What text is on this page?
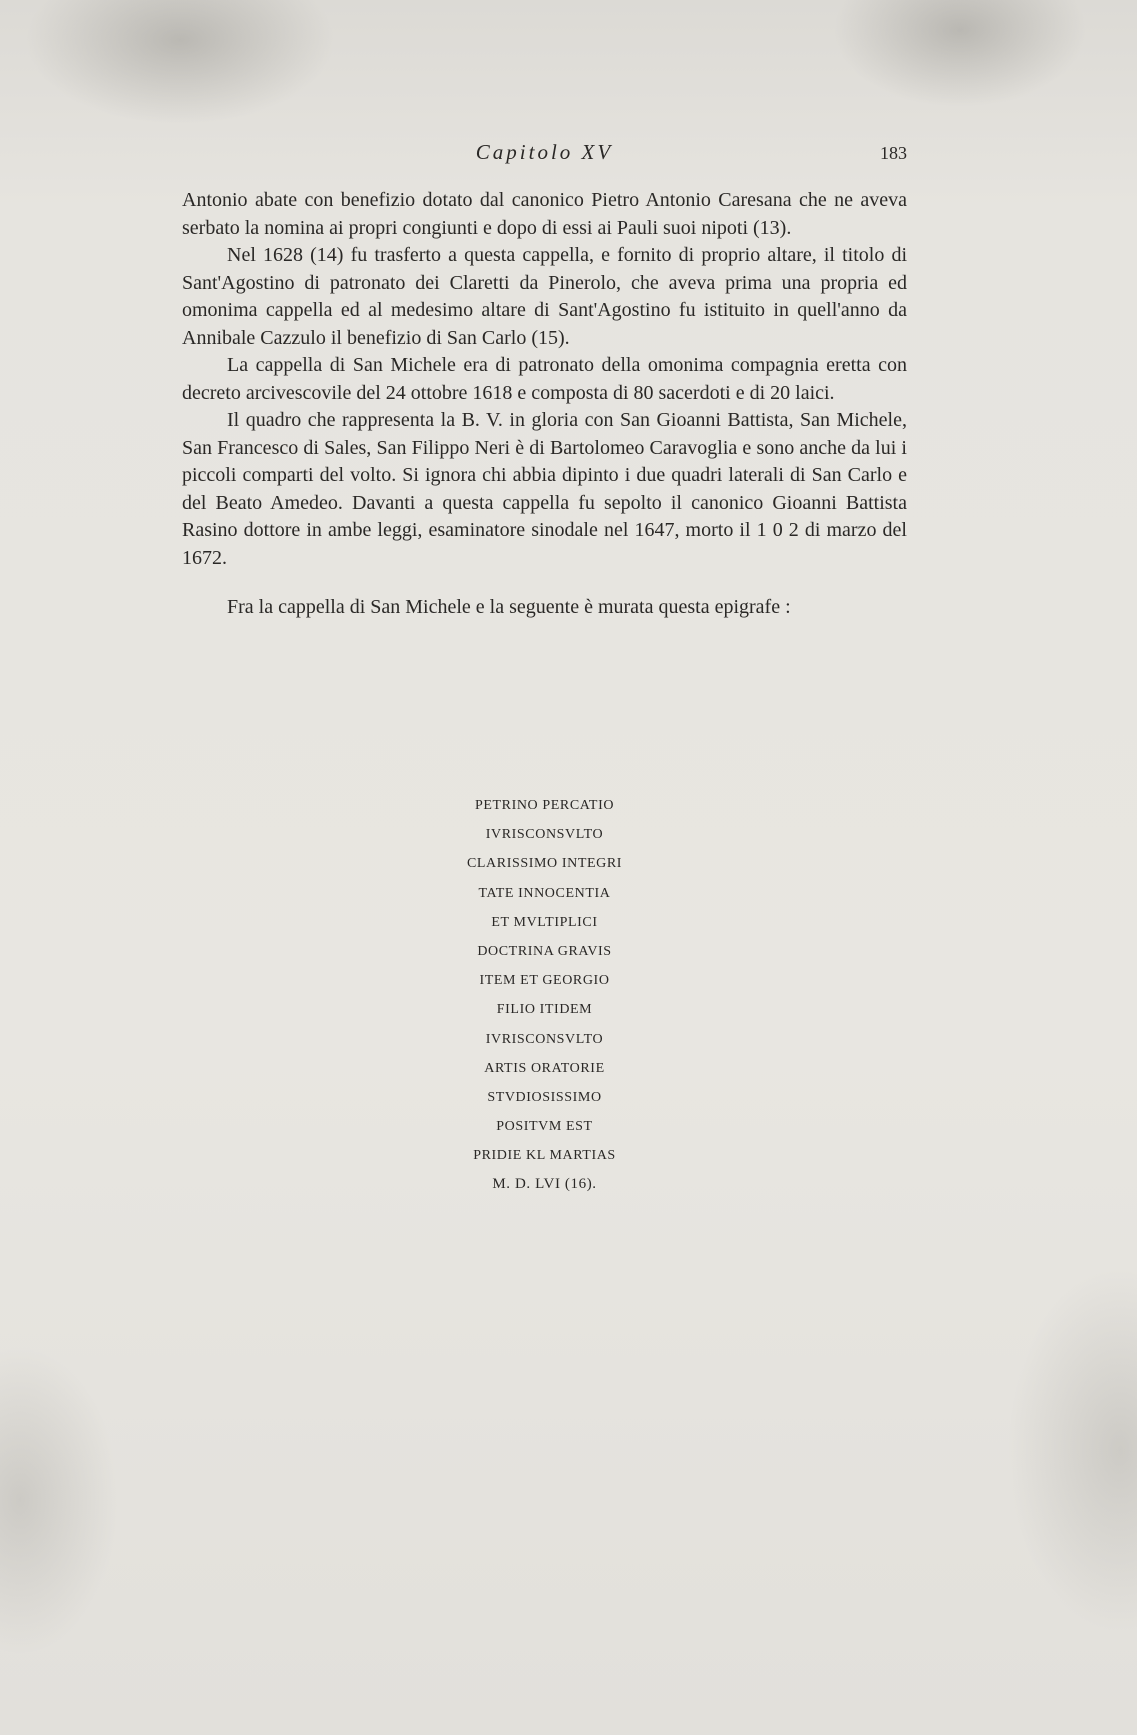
Capitolo XV	183

Antonio abate con benefizio dotato dal canonico Pietro Antonio Caresana che ne aveva serbato la nomina ai propri congiunti e dopo di essi ai Pauli suoi nipoti (13).

Nel 1628 (14) fu trasferto a questa cappella, e fornito di proprio altare, il titolo di Sant'Agostino di patronato dei Claretti da Pinerolo, che aveva prima una propria ed omonima cappella ed al medesimo altare di Sant'Agostino fu istituito in quell'anno da Annibale Cazzulo il benefizio di San Carlo (15).

La cappella di San Michele era di patronato della omonima compagnia eretta con decreto arcivescovile del 24 ottobre 1618 e composta di 80 sacerdoti e di 20 laici.

Il quadro che rappresenta la B. V. in gloria con San Gioanni Battista, San Michele, San Francesco di Sales, San Filippo Neri è di Bartolomeo Caravoglia e sono anche da lui i piccoli comparti del volto. Si ignora chi abbia dipinto i due quadri laterali di San Carlo e del Beato Amedeo. Davanti a questa cappella fu sepolto il canonico Gioanni Battista Rasino dottore in ambe leggi, esaminatore sinodale nel 1647, morto il 1 0 2 di marzo del 1672.

Fra la cappella di San Michele e la seguente è murata questa epigrafe :

PETRINO PERCATIO
IVRISCONSVLTO
CLARISSIMO INTEGRI
TATE INNOCENTIA
ET MVLTIPLICI
DOCTRINA GRAVIS
ITEM ET GEORGIO
FILIO ITIDEM
IVRISCONSVLTO
ARTIS ORATORIE
STVDIOSISSIMO
POSITVM EST
PRIDIE KL MARTIAS
M. D. LVI (16).
